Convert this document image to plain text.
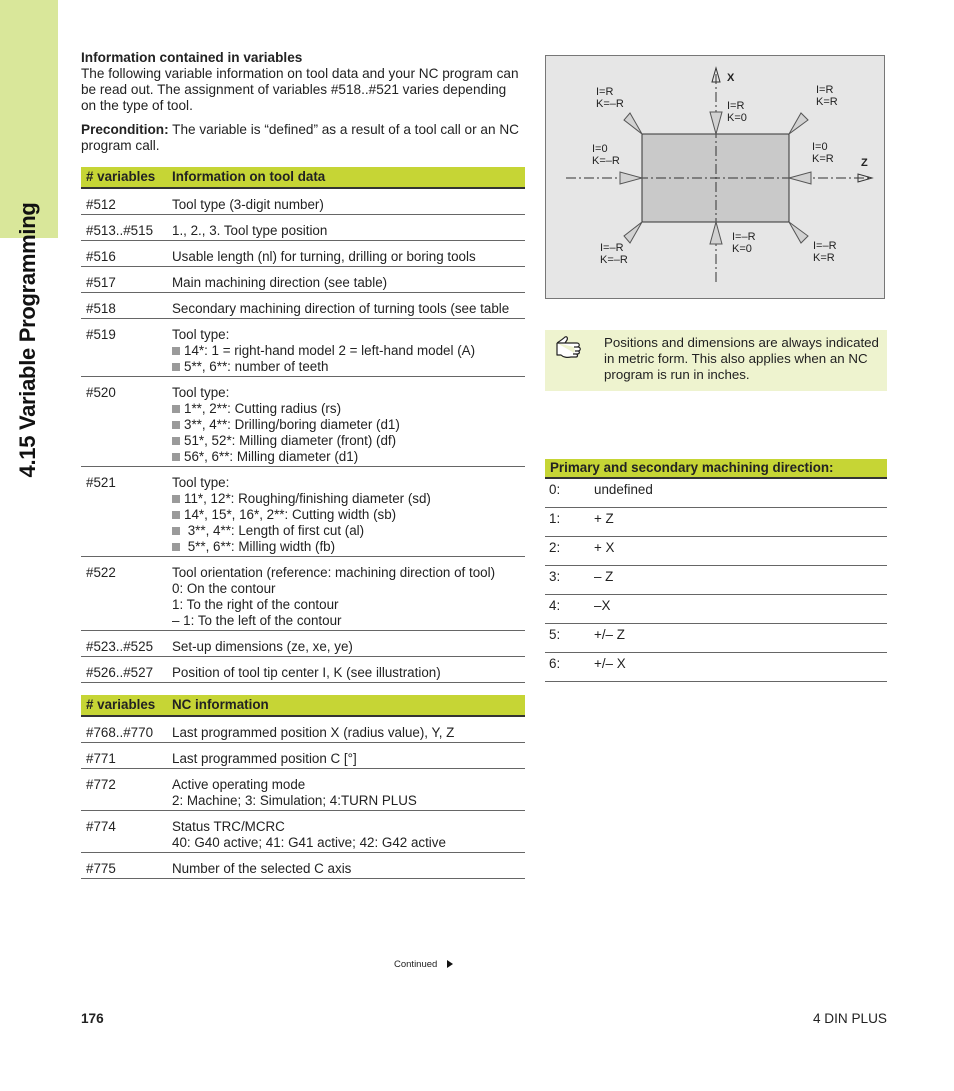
4.15 Variable Programming
Information contained in variables

The following variable information on tool data and your NC program can be read out. The assignment of variables #518..#521 varies depending on the type of tool.

Precondition: The variable is “defined” as a result of a tool call or an NC program call.

# variables	Information on tool data
#512	Tool type (3-digit number)

#513..#515	1., 2., 3. Tool type position

#516	Usable length (nl) for turning, drilling or boring tools

#517	Main machining direction (see table)

#518	Secondary machining direction of turning tools (see table

#519	Tool type:
14*: 1 = right-hand model 2 = left-hand model (A)
5**, 6**: number of teeth

#520	Tool type:
1**, 2**: Cutting radius (rs)
3**, 4**: Drilling/boring diameter (d1)
51*, 52*: Milling diameter (front) (df)
56*, 6**: Milling diameter (d1)

#521	Tool type:
11*, 12*: Roughing/finishing diameter (sd)
14*, 15*, 16*, 2**: Cutting width (sb)
3**, 4**: Length of first cut (al)
5**, 6**: Milling width (fb)

#522	Tool orientation (reference: machining direction of tool)
0: On the contour
1: To the right of the contour
– 1: To the left of the contour

#523..#525	Set-up dimensions (ze, xe, ye)

#526..#527	Position of tool tip center I, K (see illustration)
# variables	NC information
#768..#770	Last programmed position X (radius value), Y, Z

#771	Last programmed position C [°]

#772	Active operating mode
2: Machine; 3: Simulation; 4:TURN PLUS

#774	Status TRC/MCRC
40: G40 active; 41: G41 active; 42: G42 active

#775	Number of the selected C axis
X
Z
I=R
K=–R	I=R
K=0
I=R
K=R
I=0
K=–R
I=0
K=R
I=–R
K=–R
I=–R
K=0	I=–R
K=R
Positions and dimensions are always indicated in metric form. This also applies when an NC program is run in inches.
Primary and secondary machining direction:	
0:	undefined
1:	+ Z
2:	+ X
3:	– Z
4:	–X
5:	+/– Z
6:	+/– X
Continued
176	4 DIN PLUS
